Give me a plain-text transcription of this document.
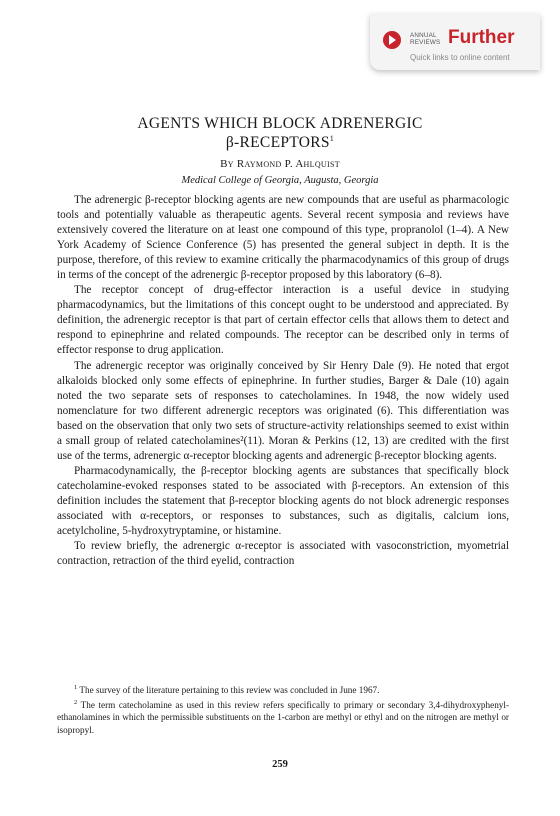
ANNUAL
REVIEWS Further
Quick links to online content
AGENTS WHICH BLOCK ADRENERGIC
β-RECEPTORS$^1$
By Raymond P. Ahlquist
Medical College of Georgia, Augusta, Georgia

The adrenergic β-receptor blocking agents are new compounds that are useful as pharmacologic tools and potentially valuable as therapeutic agents. Several recent symposia and reviews have extensively covered the literature on at least one compound of this type, propranolol (1–4). A New York Academy of Science Conference (5) has presented the general subject in depth. It is the purpose, therefore, of this review to examine critically the pharmacodynamics of this group of drugs in terms of the concept of the adrenergic β-receptor proposed by this laboratory (6–8).

The receptor concept of drug-effector interaction is a useful device in studying pharmacodynamics, but the limitations of this concept ought to be understood and appreciated. By definition, the adrenergic receptor is that part of certain effector cells that allows them to detect and respond to epinephrine and related compounds. The receptor can be described only in terms of effector response to drug application.

The adrenergic receptor was originally conceived by Sir Henry Dale (9). He noted that ergot alkaloids blocked only some effects of epinephrine. In further studies, Barger & Dale (10) again noted the two separate sets of responses to catecholamines. In 1948, the now widely used nomenclature for two different adrenergic receptors was originated (6). This differentiation was based on the observation that only two sets of structure-activity relationships seemed to exist within a small group of related catecholamines²(11). Moran & Perkins (12, 13) are credited with the first use of the terms, adrenergic α-receptor blocking agents and adrenergic β-receptor blocking agents.

Pharmacodynamically, the β-receptor blocking agents are substances that specifically block catecholamine-evoked responses stated to be associated with β-receptors. An extension of this definition includes the statement that β-receptor blocking agents do not block adrenergic responses associated with α-receptors, or responses to substances, such as digitalis, calcium ions, acetylcholine, 5-hydroxytryptamine, or histamine.

To review briefly, the adrenergic α-receptor is associated with vasoconstriction, myometrial contraction, retraction of the third eyelid, contraction

$^1$ The survey of the literature pertaining to this review was concluded in June 1967.

$^2$ The term catecholamine as used in this review refers specifically to primary or secondary 3,4-dihydroxyphenyl-ethanolamines in which the permissible substituents on the 1-carbon are methyl or ethyl and on the nitrogen are methyl or isopropyl.

259
